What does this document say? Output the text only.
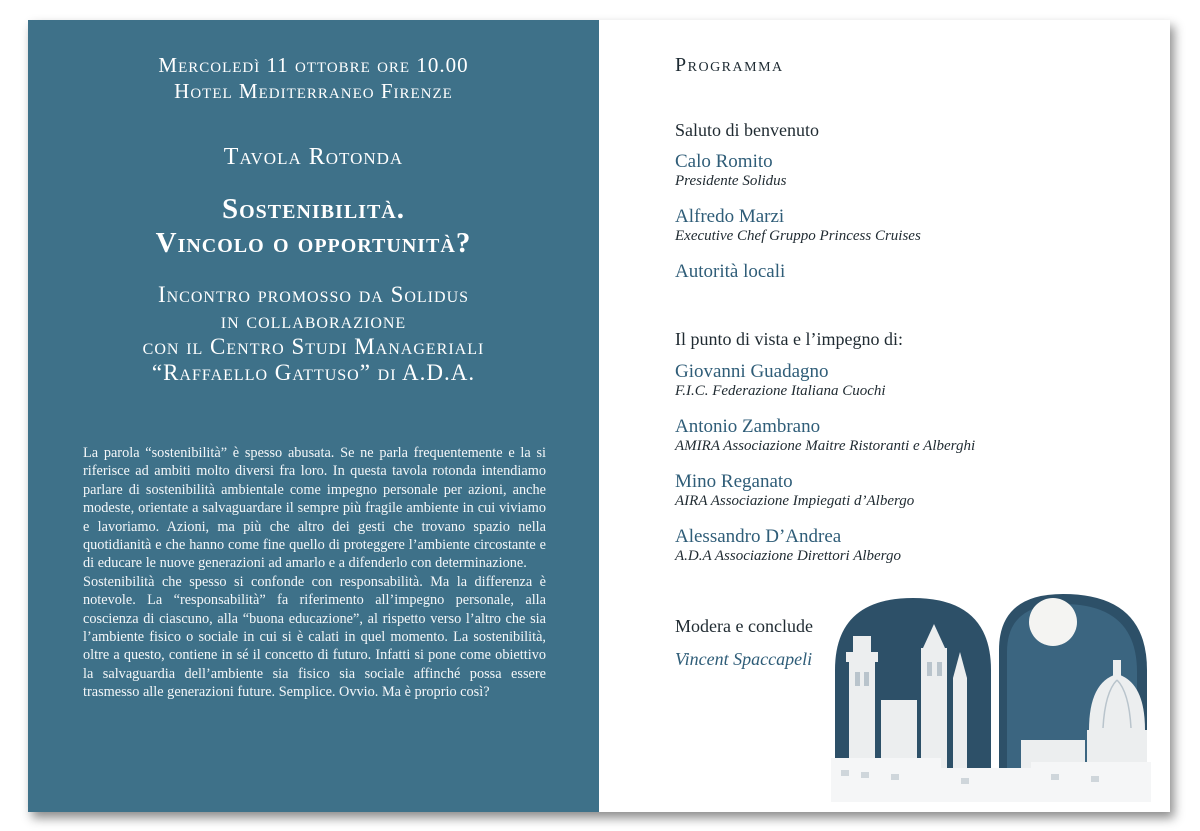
Mercoledì 11 ottobre ore 10.00
Hotel Mediterraneo Firenze
Tavola Rotonda
Sostenibilità.
Vincolo o opportunità?
Incontro promosso da Solidus
in collaborazione
con il Centro Studi Manageriali
“Raffaello Gattuso” di A.D.A.

La parola “sostenibilità” è spesso abusata. Se ne parla frequentemente e la si riferisce ad ambiti molto diversi fra loro. In questa tavola rotonda intendiamo parlare di sostenibilità ambientale come impegno personale per azioni, anche modeste, orientate a salvaguardare il sempre più fragile ambiente in cui viviamo e lavoriamo. Azioni, ma più che altro dei gesti che trovano spazio nella quotidianità e che hanno come fine quello di proteggere l’ambiente circostante e di educare le nuove generazioni ad amarlo e a difenderlo con determinazione.

Sostenibilità che spesso si confonde con responsabilità. Ma la differenza è notevole. La “responsabilità” fa riferimento all’impegno personale, alla coscienza di ciascuno, alla “buona educazione”, al rispetto verso l’altro che sia l’ambiente fisico o sociale in cui si è calati in quel momento. La sostenibilità, oltre a questo, contiene in sé il concetto di futuro. Infatti si pone come obiettivo la salvaguardia dell’ambiente sia fisico sia sociale affinché possa essere trasmesso alle generazioni future. Semplice. Ovvio. Ma è proprio così?

Programma
Saluto di benvenuto
Calo Romito
Presidente Solidus
Alfredo Marzi
Executive Chef Gruppo Princess Cruises
Autorità locali
Il punto di vista e l’impegno di:
Giovanni Guadagno
F.I.C. Federazione Italiana Cuochi
Antonio Zambrano
AMIRA Associazione Maitre Ristoranti e Alberghi
Mino Reganato
AIRA Associazione Impiegati d’Albergo
Alessandro D’Andrea
A.D.A Associazione Direttori Albergo
Modera e conclude
Vincent Spaccapeli
